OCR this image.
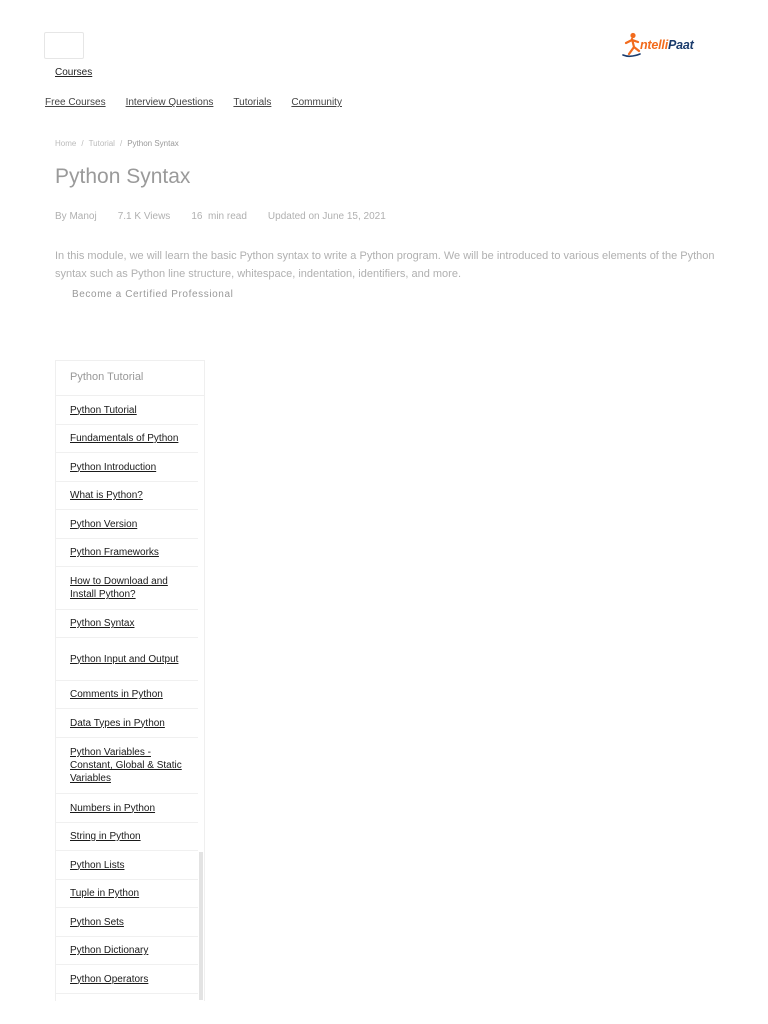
Courses
ntelliPaat
Free Courses Interview Questions Tutorials Community
Home / Tutorial / Python Syntax
Python Syntax
By Manoj 7.1 K Views 16  min read Updated on June 15, 2021

In this module, we will learn the basic Python syntax to write a Python program. We will be introduced to various elements of the Python syntax such as Python line structure, whitespace, indentation, identifiers, and more.

Become a Certified Professional
Python Tutorial
Python Tutorial
Fundamentals of Python
Python Introduction
What is Python?
Python Version
Python Frameworks
How to Download and Install Python?
Python Syntax
Python Input and Output
Comments in Python
Data Types in Python
Python Variables - Constant, Global & Static Variables
Numbers in Python
String in Python
Python Lists
Tuple in Python
Python Sets
Python Dictionary
Python Operators
